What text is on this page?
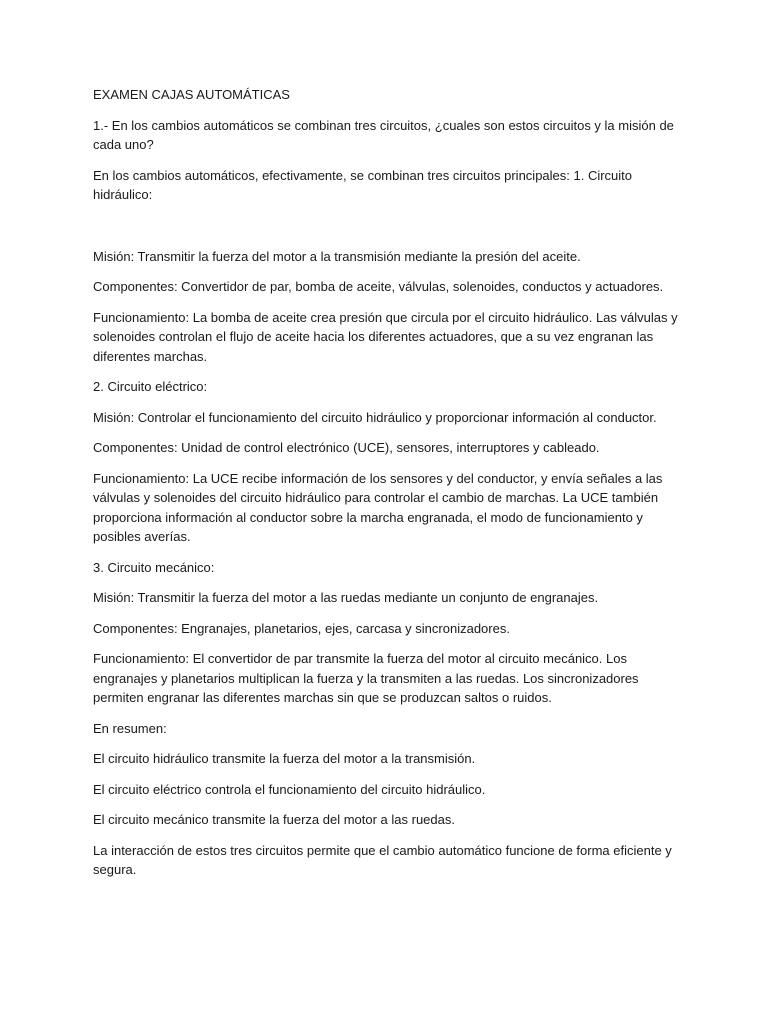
EXAMEN CAJAS AUTOMÁTICAS

1.- En los cambios automáticos se combinan tres circuitos, ¿cuales son estos circuitos y la misión de cada uno?

En los cambios automáticos, efectivamente, se combinan tres circuitos principales: 1. Circuito hidráulico:

Misión: Transmitir la fuerza del motor a la transmisión mediante la presión del aceite.

Componentes: Convertidor de par, bomba de aceite, válvulas, solenoides, conductos y actuadores.

Funcionamiento: La bomba de aceite crea presión que circula por el circuito hidráulico. Las válvulas y solenoides controlan el flujo de aceite hacia los diferentes actuadores, que a su vez engranan las diferentes marchas.

2. Circuito eléctrico:

Misión: Controlar el funcionamiento del circuito hidráulico y proporcionar información al conductor.

Componentes: Unidad de control electrónico (UCE), sensores, interruptores y cableado.

Funcionamiento: La UCE recibe información de los sensores y del conductor, y envía señales a las válvulas y solenoides del circuito hidráulico para controlar el cambio de marchas. La UCE también proporciona información al conductor sobre la marcha engranada, el modo de funcionamiento y posibles averías.

3. Circuito mecánico:

Misión: Transmitir la fuerza del motor a las ruedas mediante un conjunto de engranajes.

Componentes: Engranajes, planetarios, ejes, carcasa y sincronizadores.

Funcionamiento: El convertidor de par transmite la fuerza del motor al circuito mecánico. Los engranajes y planetarios multiplican la fuerza y la transmiten a las ruedas. Los sincronizadores permiten engranar las diferentes marchas sin que se produzcan saltos o ruidos.

En resumen:

El circuito hidráulico transmite la fuerza del motor a la transmisión.

El circuito eléctrico controla el funcionamiento del circuito hidráulico.

El circuito mecánico transmite la fuerza del motor a las ruedas.

La interacción de estos tres circuitos permite que el cambio automático funcione de forma eficiente y segura.
